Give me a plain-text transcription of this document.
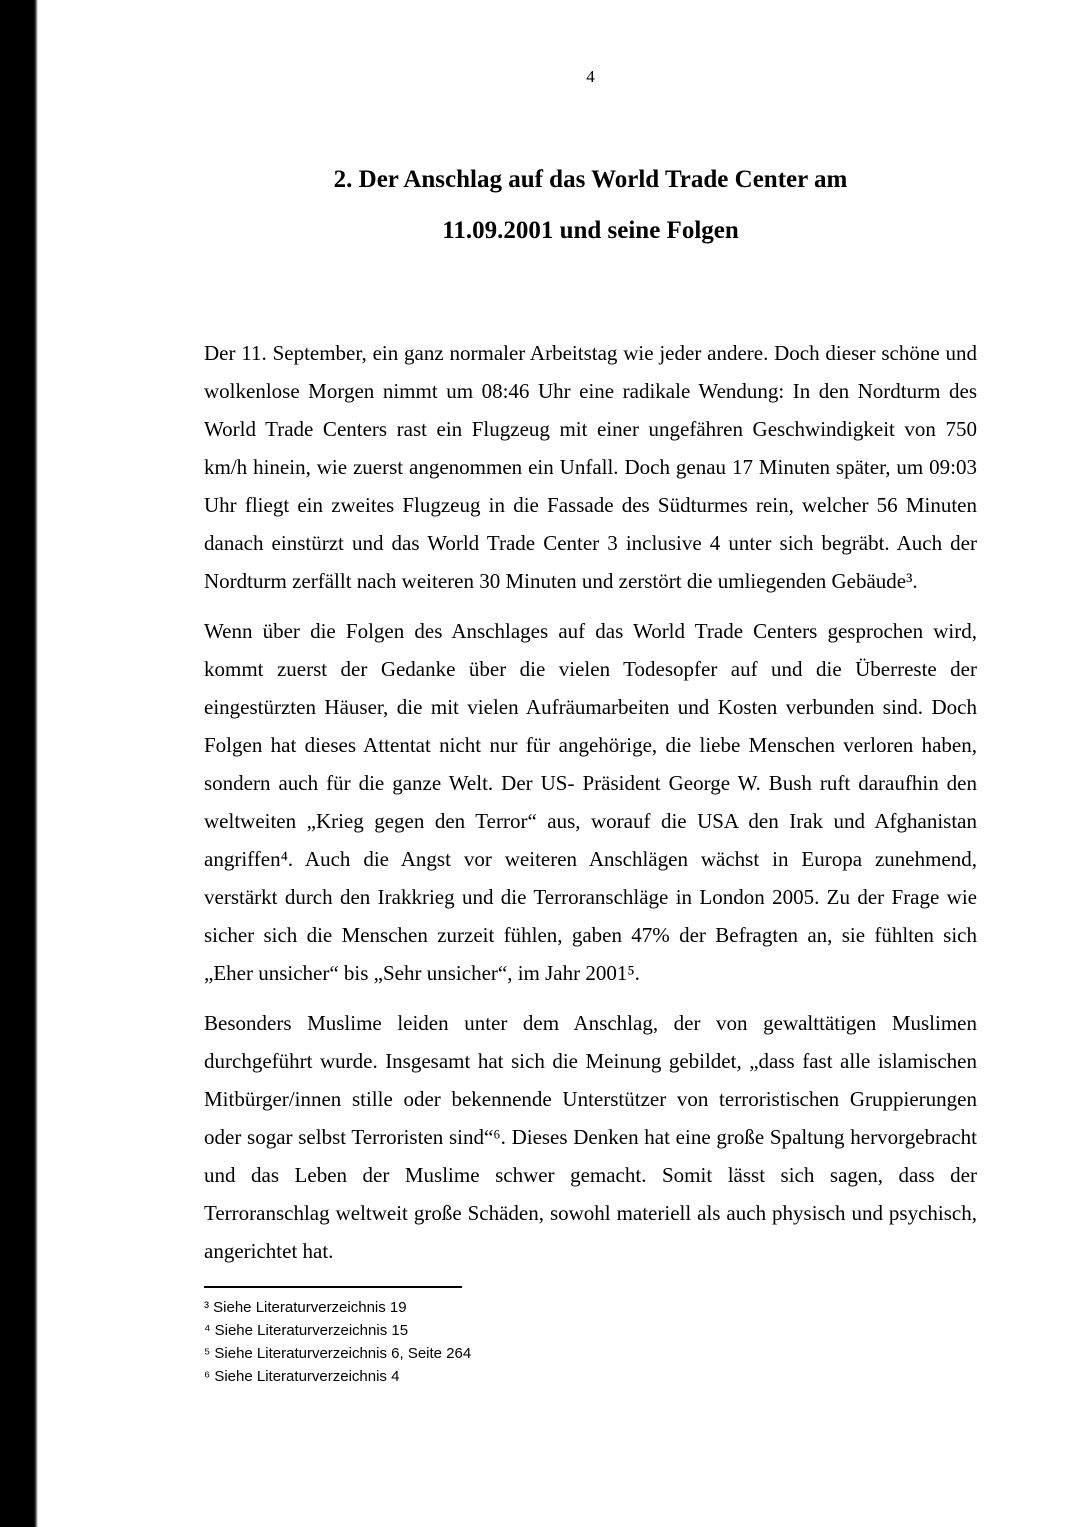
4
2. Der Anschlag auf das World Trade Center am
11.09.2001 und seine Folgen

Der 11. September, ein ganz normaler Arbeitstag wie jeder andere. Doch dieser schöne und wolkenlose Morgen nimmt um 08:46 Uhr eine radikale Wendung: In den Nordturm des World Trade Centers rast ein Flugzeug mit einer ungefähren Geschwindigkeit von 750 km/h hinein, wie zuerst angenommen ein Unfall. Doch genau 17 Minuten später, um 09:03 Uhr fliegt ein zweites Flugzeug in die Fassade des Südturmes rein, welcher 56 Minuten danach einstürzt und das World Trade Center 3 inclusive 4 unter sich begräbt. Auch der Nordturm zerfällt nach weiteren 30 Minuten und zerstört die umliegenden Gebäude³.

Wenn über die Folgen des Anschlages auf das World Trade Centers gesprochen wird, kommt zuerst der Gedanke über die vielen Todesopfer auf und die Überreste der eingestürzten Häuser, die mit vielen Aufräumarbeiten und Kosten verbunden sind. Doch Folgen hat dieses Attentat nicht nur für angehörige, die liebe Menschen verloren haben, sondern auch für die ganze Welt. Der US- Präsident George W. Bush ruft daraufhin den weltweiten „Krieg gegen den Terror“ aus, worauf die USA den Irak und Afghanistan angriffen⁴. Auch die Angst vor weiteren Anschlägen wächst in Europa zunehmend, verstärkt durch den Irakkrieg und die Terroranschläge in London 2005. Zu der Frage wie sicher sich die Menschen zurzeit fühlen, gaben 47% der Befragten an, sie fühlten sich „Eher unsicher“ bis „Sehr unsicher“, im Jahr 2001⁵.

Besonders Muslime leiden unter dem Anschlag, der von gewalttätigen Muslimen durchgeführt wurde. Insgesamt hat sich die Meinung gebildet, „dass fast alle islamischen Mitbürger/innen stille oder bekennende Unterstützer von terroristischen Gruppierungen oder sogar selbst Terroristen sind“⁶. Dieses Denken hat eine große Spaltung hervorgebracht und das Leben der Muslime schwer gemacht. Somit lässt sich sagen, dass der Terroranschlag weltweit große Schäden, sowohl materiell als auch physisch und psychisch, angerichtet hat.

³ Siehe Literaturverzeichnis 19
⁴ Siehe Literaturverzeichnis 15
⁵ Siehe Literaturverzeichnis 6, Seite 264
⁶ Siehe Literaturverzeichnis 4
